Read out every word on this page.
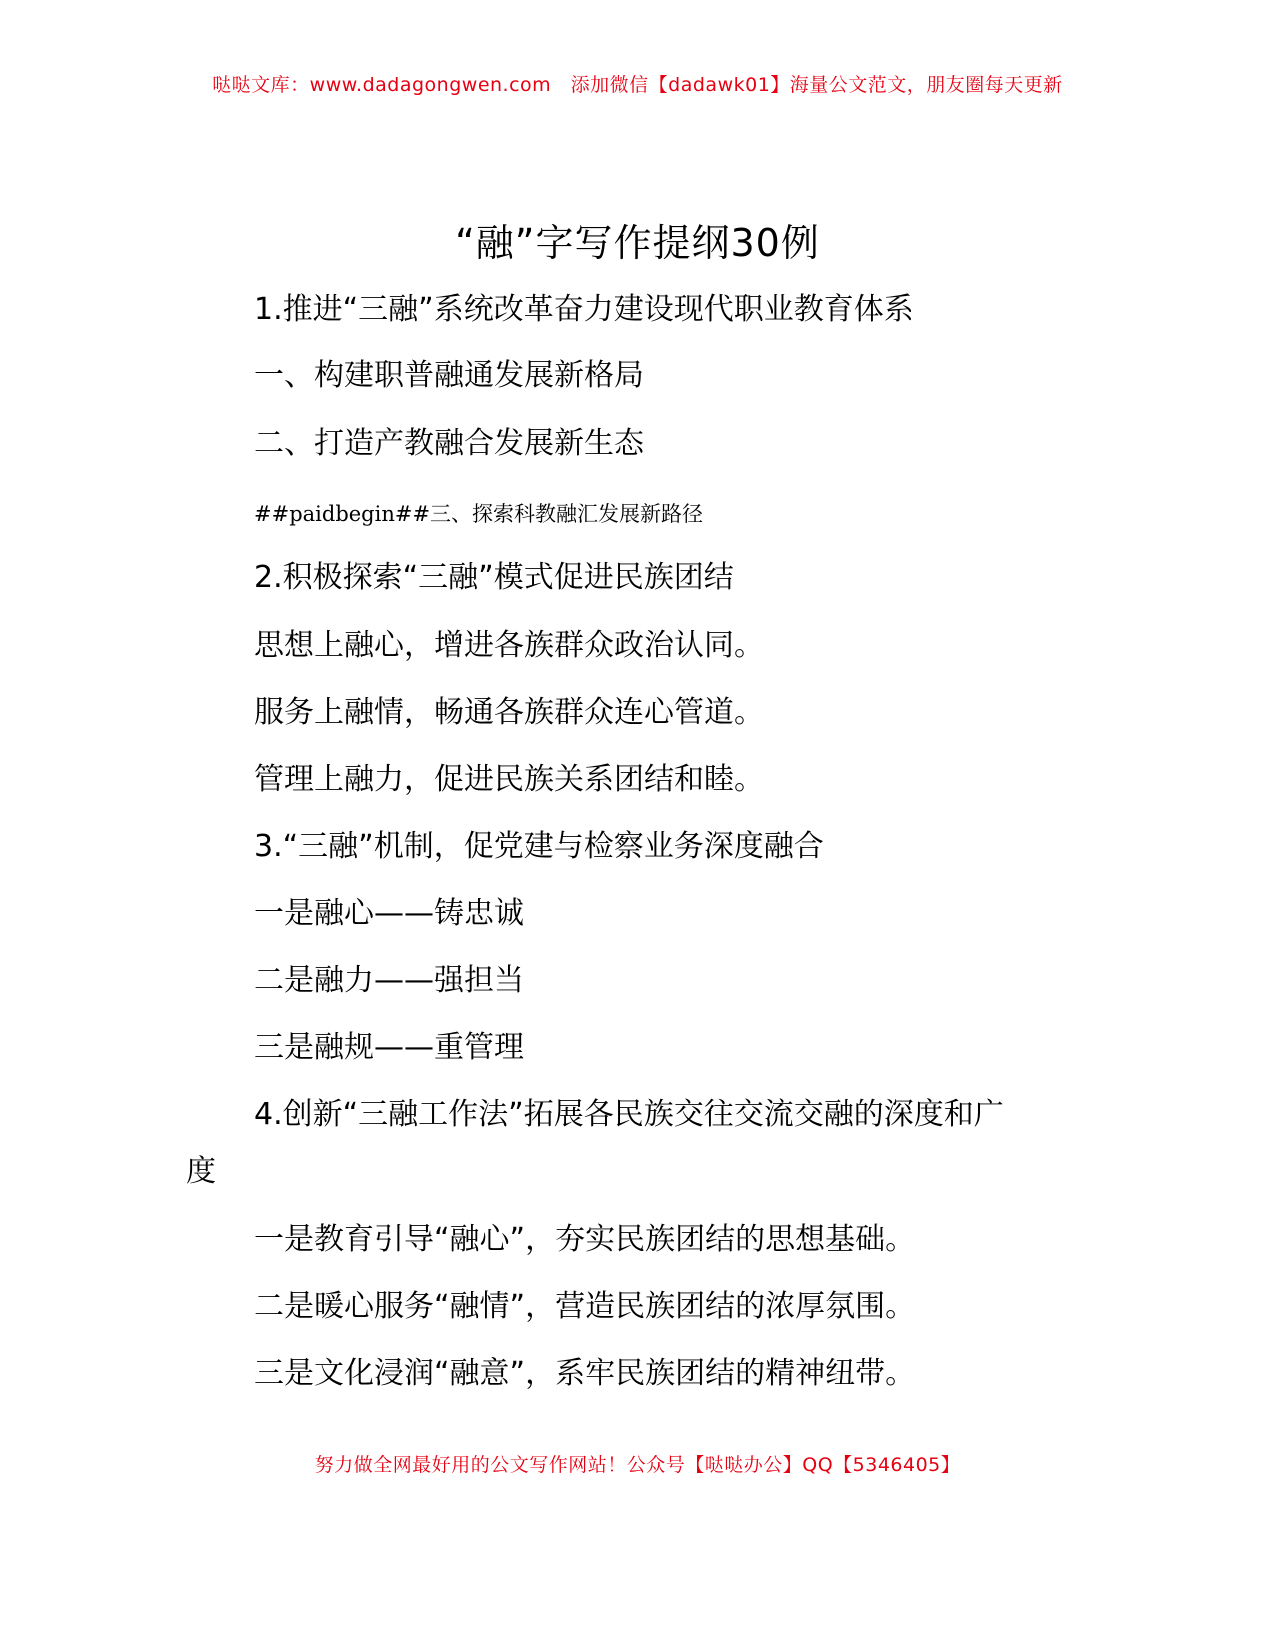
哒哒文库：www.dadagongwen.com　添加微信【dadawk01】海量公文范文，朋友圈每天更新
“融”字写作提纲30例
1.推进“三融”系统改革奋力建设现代职业教育体系
一、构建职普融通发展新格局
二、打造产教融合发展新生态
##paidbegin##三、探索科教融汇发展新路径
2.积极探索“三融”模式促进民族团结
思想上融心，增进各族群众政治认同。
服务上融情，畅通各族群众连心管道。
管理上融力，促进民族关系团结和睦。
3.“三融”机制，促党建与检察业务深度融合
一是融心——铸忠诚
二是融力——强担当
三是融规——重管理
4.创新“三融工作法”拓展各民族交往交流交融的深度和广
度
一是教育引导“融心”，夯实民族团结的思想基础。
二是暖心服务“融情”，营造民族团结的浓厚氛围。
三是文化浸润“融意”，系牢民族团结的精神纽带。
努力做全网最好用的公文写作网站！公众号【哒哒办公】QQ【5346405】
